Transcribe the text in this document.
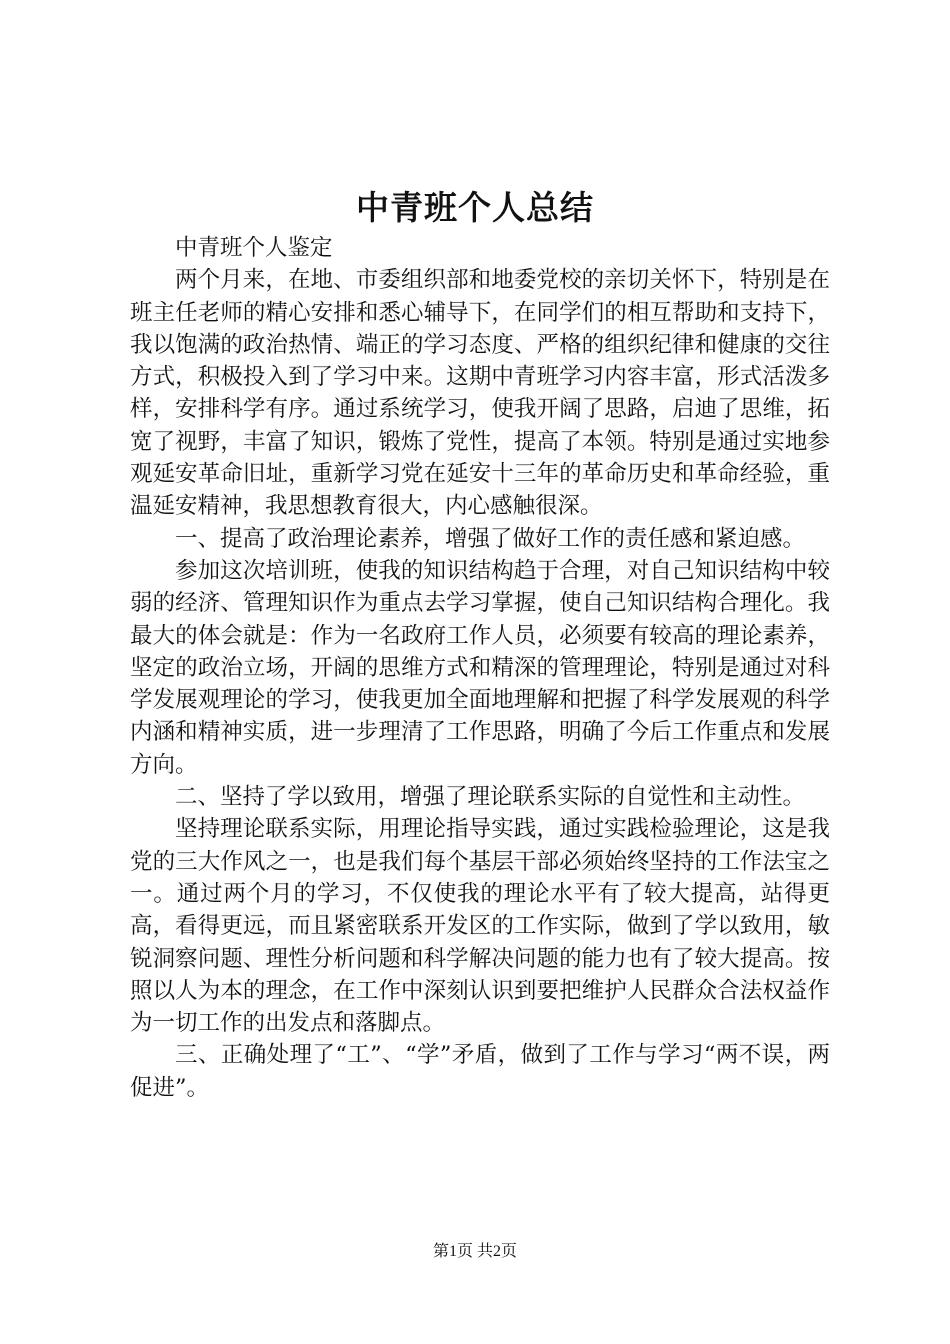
中青班个人总结

中青班个人鉴定

两个月来，在地、市委组织部和地委党校的亲切关怀下，特别是在班主任老师的精心安排和悉心辅导下，在同学们的相互帮助和支持下，我以饱满的政治热情、端正的学习态度、严格的组织纪律和健康的交往方式，积极投入到了学习中来。这期中青班学习内容丰富，形式活泼多样，安排科学有序。通过系统学习，使我开阔了思路，启迪了思维，拓宽了视野，丰富了知识，锻炼了党性，提高了本领。特别是通过实地参观延安革命旧址，重新学习党在延安十三年的革命历史和革命经验，重温延安精神，我思想教育很大，内心感触很深。

一、提高了政治理论素养，增强了做好工作的责任感和紧迫感。

参加这次培训班，使我的知识结构趋于合理，对自己知识结构中较弱的经济、管理知识作为重点去学习掌握，使自己知识结构合理化。我最大的体会就是：作为一名政府工作人员，必须要有较高的理论素养，坚定的政治立场，开阔的思维方式和精深的管理理论，特别是通过对科学发展观理论的学习，使我更加全面地理解和把握了科学发展观的科学内涵和精神实质，进一步理清了工作思路，明确了今后工作重点和发展方向。

二、坚持了学以致用，增强了理论联系实际的自觉性和主动性。

坚持理论联系实际，用理论指导实践，通过实践检验理论，这是我党的三大作风之一，也是我们每个基层干部必须始终坚持的工作法宝之一。通过两个月的学习，不仅使我的理论水平有了较大提高，站得更高，看得更远，而且紧密联系开发区的工作实际，做到了学以致用，敏锐洞察问题、理性分析问题和科学解决问题的能力也有了较大提高。按照以人为本的理念，在工作中深刻认识到要把维护人民群众合法权益作为一切工作的出发点和落脚点。

三、正确处理了“工”、“学”矛盾，做到了工作与学习“两不误，两促进”。

第1页 共2页
